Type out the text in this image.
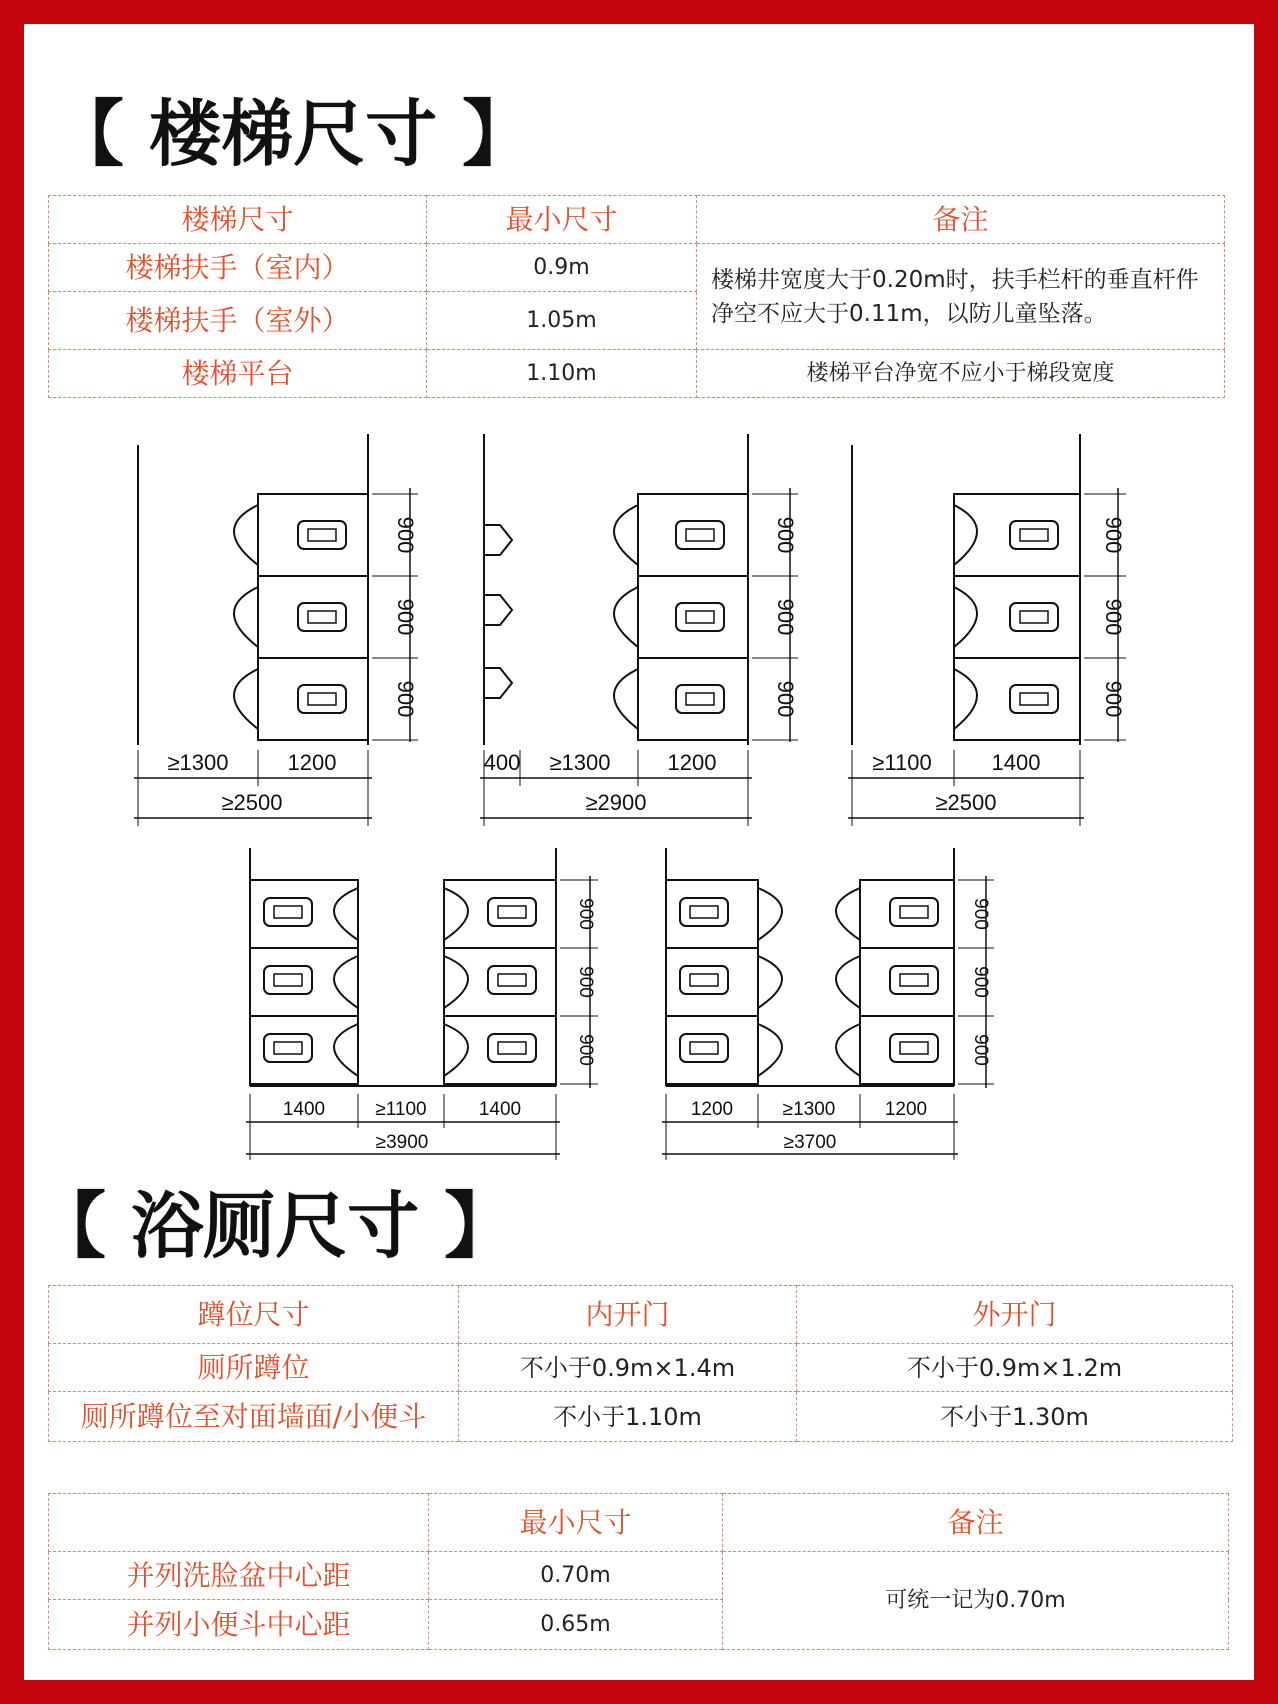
【 楼梯尺寸 】
楼梯尺寸	最小尺寸	备注
楼梯扶手（室内）	0.9m	楼梯井宽度大于0.20m时，扶手栏杆的垂直杆件净空不应大于0.11m，以防儿童坠落。
楼梯扶手（室外）	1.05m	
楼梯平台	1.10m	楼梯平台净宽不应小于梯段宽度
900
900
900
≥1300	1200
≥2500
900
900
900
400 ≥1300	1200
≥2900
900
900
900
≥1100	1400
≥2500
900
900
900
1400	≥1100	1400
≥3900
900
900
900
1200	≥1300	1200
≥3700
【 浴厕尺寸 】
蹲位尺寸	内开门	外开门
厕所蹲位	不小于0.9m×1.4m	不小于0.9m×1.2m
厕所蹲位至对面墙面/小便斗	不小于1.10m	不小于1.30m
	最小尺寸	备注
并列洗脸盆中心距	0.70m	可统一记为0.70m
并列小便斗中心距	0.65m	
